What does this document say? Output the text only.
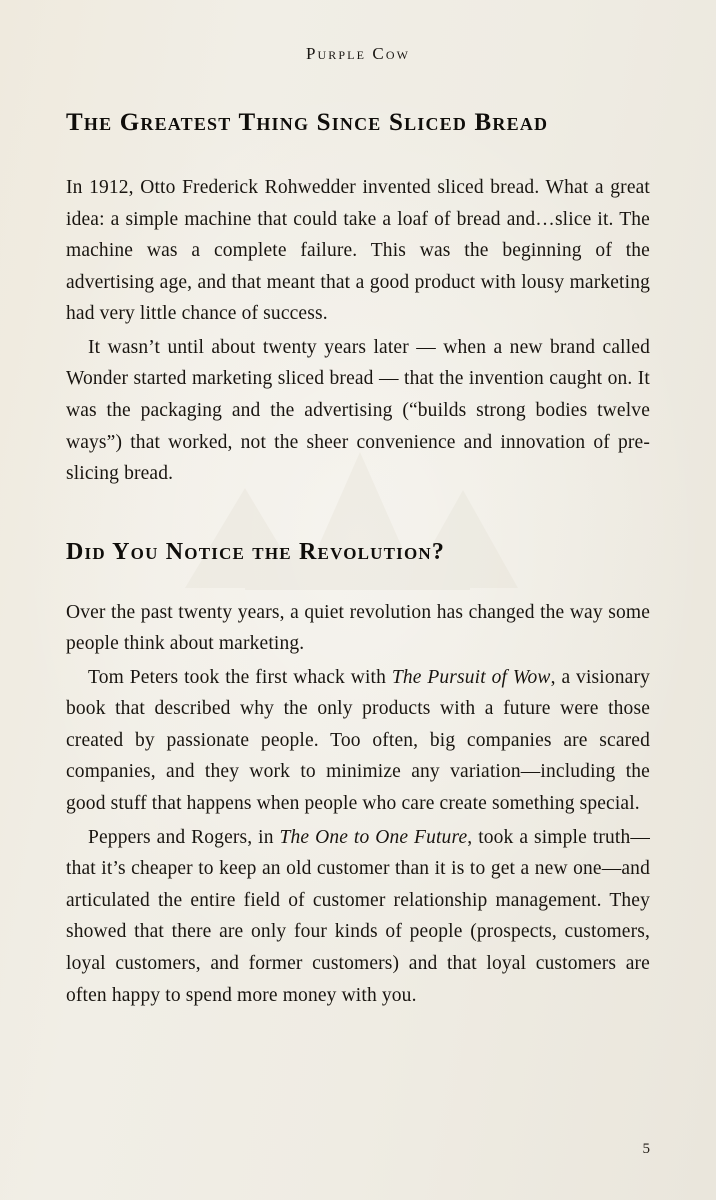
Purple Cow
The Greatest Thing Since Sliced Bread

In 1912, Otto Frederick Rohwedder invented sliced bread. What a great idea: a simple machine that could take a loaf of bread and…slice it. The machine was a complete failure. This was the beginning of the advertising age, and that meant that a good product with lousy marketing had very little chance of success.

It wasn’t until about twenty years later — when a new brand called Wonder started marketing sliced bread — that the invention caught on. It was the packaging and the advertising (“builds strong bodies twelve ways”) that worked, not the sheer convenience and innovation of pre-slicing bread.

Did You Notice the Revolution?

Over the past twenty years, a quiet revolution has changed the way some people think about marketing.

Tom Peters took the first whack with The Pursuit of Wow, a visionary book that described why the only products with a future were those created by passionate people. Too often, big companies are scared companies, and they work to minimize any variation—including the good stuff that happens when people who care create something special.

Peppers and Rogers, in The One to One Future, took a simple truth—that it’s cheaper to keep an old customer than it is to get a new one—and articulated the entire field of customer relationship management. They showed that there are only four kinds of people (prospects, customers, loyal customers, and former customers) and that loyal customers are often happy to spend more money with you.

5
